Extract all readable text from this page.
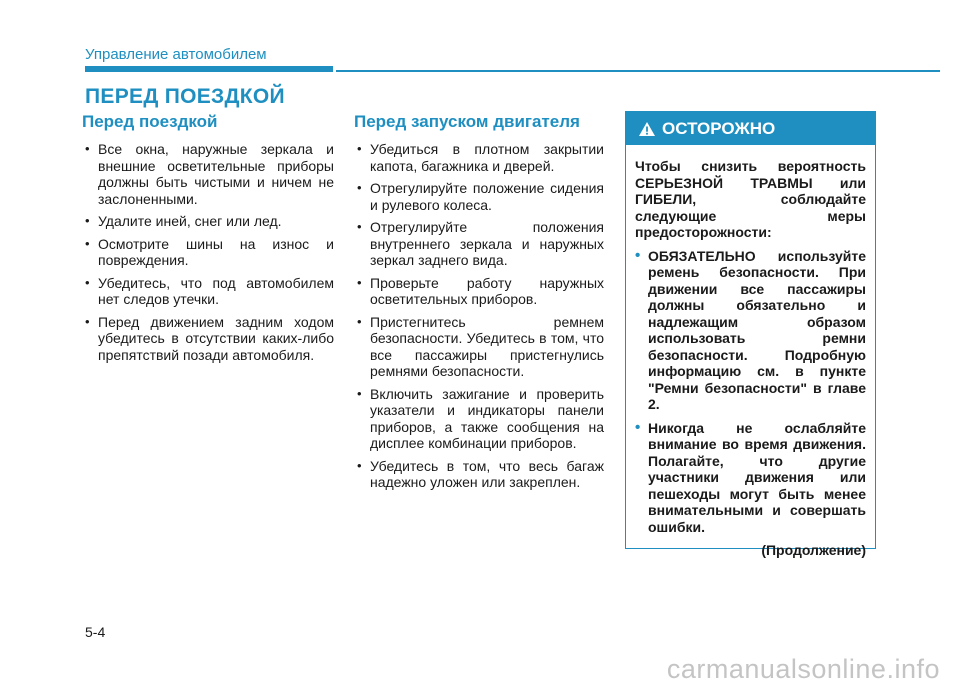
Управление автомобилем
ПЕРЕД ПОЕЗДКОЙ
Перед поездкой
• Все окна, наружные зеркала и внешние осветительные приборы должны быть чистыми и ничем не заслоненными.
• Удалите иней, снег или лед.
• Осмотрите шины на износ и повреждения.
• Убедитесь, что под автомобилем нет следов утечки.
• Перед движением задним ходом убедитесь в отсутствии каких-либо препятствий позади автомобиля.
Перед запуском двигателя
• Убедиться в плотном закрытии капота, багажника и дверей.
• Отрегулируйте положение сидения и рулевого колеса.
• Отрегулируйте положения внутреннего зеркала и наружных зеркал заднего вида.
• Проверьте работу наружных осветительных приборов.
• Пристегнитесь ремнем безопасности. Убедитесь в том, что все пассажиры пристегнулись ремнями безопасности.
• Включить зажигание и проверить указатели и индикаторы панели приборов, а также сообщения на дисплее комбинации приборов.
• Убедитесь в том, что весь багаж надежно уложен или закреплен.
ОСТОРОЖНО

Чтобы снизить вероятность СЕРЬЕЗНОЙ ТРАВМЫ или ГИБЕЛИ, соблюдайте следующие меры предосторожности:

• ОБЯЗАТЕЛЬНО используйте ремень безопасности. При движении все пассажиры должны обязательно и надлежащим образом использовать ремни безопасности. Подробную информацию см. в пункте "Ремни безопасности" в главе 2.
• Никогда не ослабляйте внимание во время движения. Полагайте, что другие участники движения или пешеходы могут быть менее внимательными и совершать ошибки.
(Продолжение)
5-4
carmanualsonline.info
